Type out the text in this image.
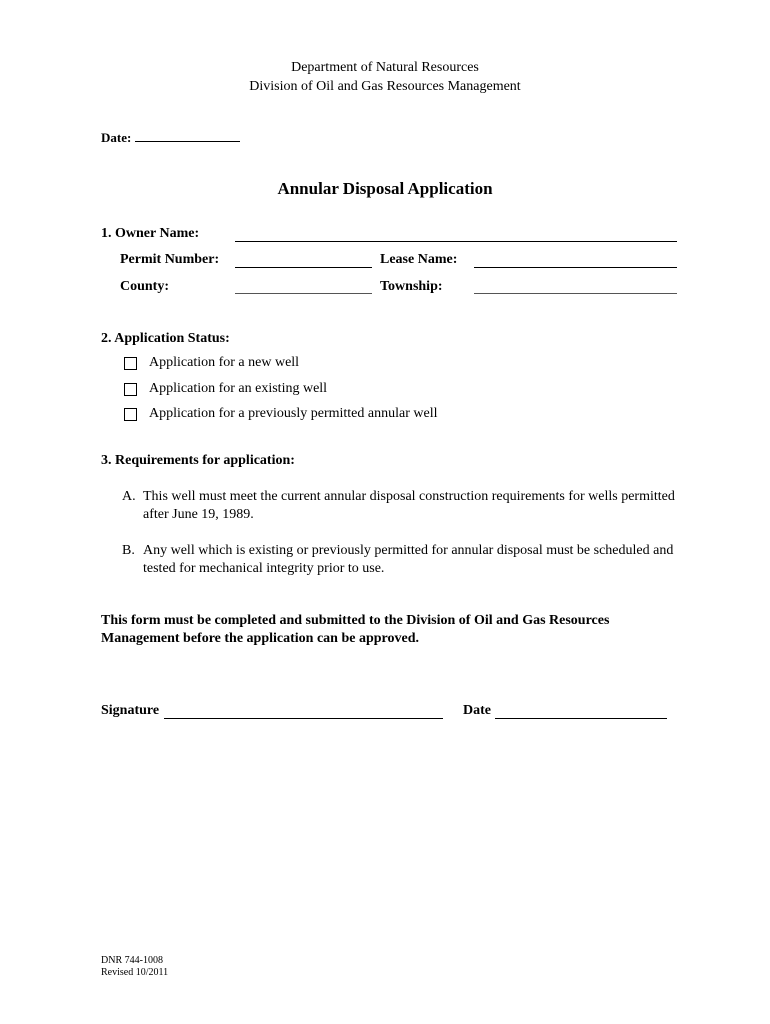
Department of Natural Resources
Division of Oil and Gas Resources Management
Date:
Annular Disposal Application
1. Owner Name:
Permit Number:	Lease Name:
County:	Township:
2. Application Status:
Application for a new well
Application for an existing well
Application for a previously permitted annular well
3. Requirements for application:
A. This well must meet the current annular disposal construction requirements for wells permitted after June 19, 1989.
B. Any well which is existing or previously permitted for annular disposal must be scheduled and tested for mechanical integrity prior to use.
This form must be completed and submitted to the Division of Oil and Gas Resources Management before the application can be approved.
Signature	Date
DNR 744-1008
Revised 10/2011
